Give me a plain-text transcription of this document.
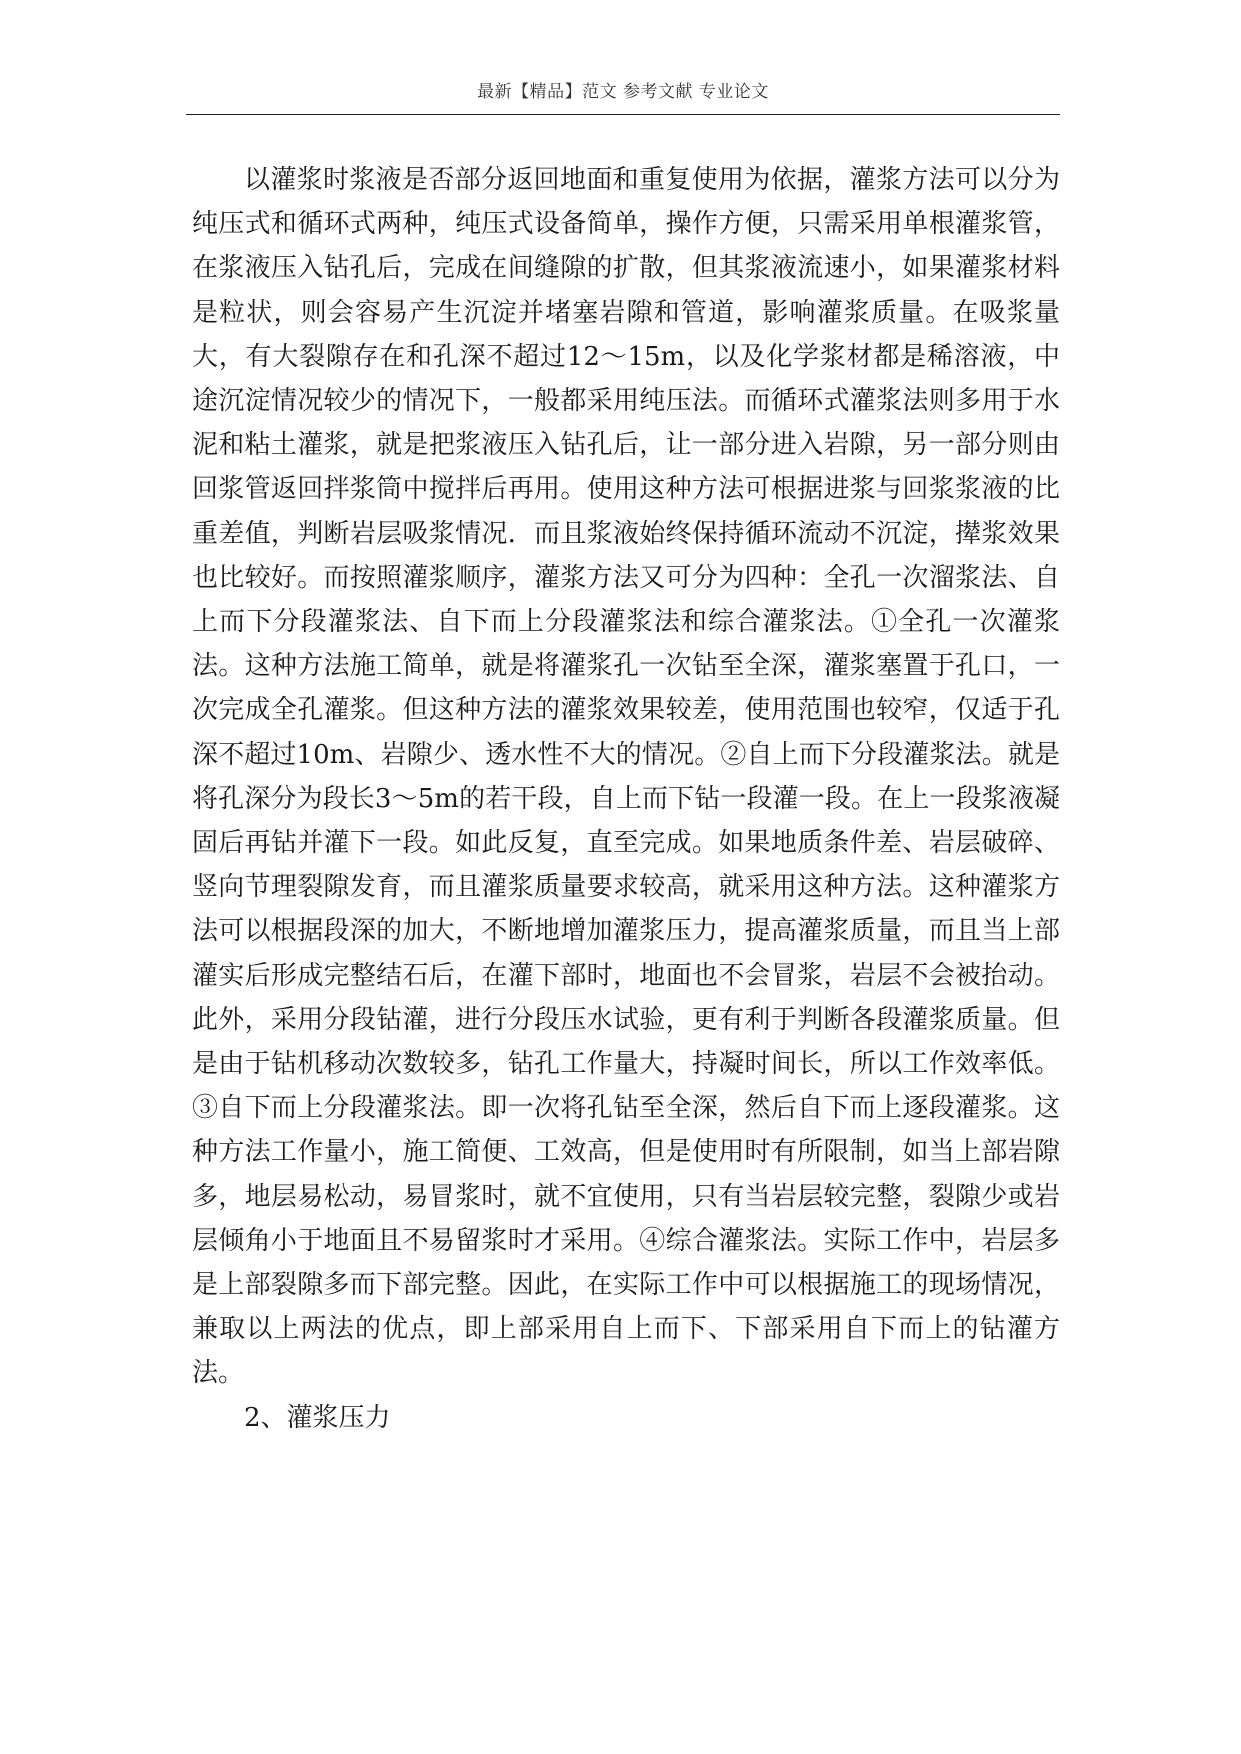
最新【精品】范文 参考文献 专业论文

以灌浆时浆液是否部分返回地面和重复使用为依据，灌浆方法可以分为纯压式和循环式两种，纯压式设备简单，操作方便，只需采用单根灌浆管，在浆液压入钻孔后，完成在间缝隙的扩散，但其浆液流速小，如果灌浆材料是粒状，则会容易产生沉淀并堵塞岩隙和管道，影响灌浆质量。在吸浆量大，有大裂隙存在和孔深不超过12～15m，以及化学浆材都是稀溶液，中途沉淀情况较少的情况下，一般都采用纯压法。而循环式灌浆法则多用于水泥和粘土灌浆，就是把浆液压入钻孔后，让一部分进入岩隙，另一部分则由回浆管返回拌浆筒中搅拌后再用。使用这种方法可根据进浆与回浆浆液的比重差值，判断岩层吸浆情况．而且浆液始终保持循环流动不沉淀，撵浆效果也比较好。而按照灌浆顺序，灌浆方法又可分为四种：全孔一次溜浆法、自上而下分段灌浆法、自下而上分段灌浆法和综合灌浆法。①全孔一次灌浆法。这种方法施工简单，就是将灌浆孔一次钻至全深，灌浆塞置于孔口，一次完成全孔灌浆。但这种方法的灌浆效果较差，使用范围也较窄，仅适于孔深不超过10m、岩隙少、透水性不大的情况。②自上而下分段灌浆法。就是将孔深分为段长3～5m的若干段，自上而下钻一段灌一段。在上一段浆液凝固后再钻并灌下一段。如此反复，直至完成。如果地质条件差、岩层破碎、竖向节理裂隙发育，而且灌浆质量要求较高，就采用这种方法。这种灌浆方法可以根据段深的加大，不断地增加灌浆压力，提高灌浆质量，而且当上部灌实后形成完整结石后，在灌下部时，地面也不会冒浆，岩层不会被抬动。此外，采用分段钻灌，进行分段压水试验，更有利于判断各段灌浆质量。但是由于钻机移动次数较多，钻孔工作量大，持凝时间长，所以工作效率低。③自下而上分段灌浆法。即一次将孔钻至全深，然后自下而上逐段灌浆。这种方法工作量小，施工简便、工效高，但是使用时有所限制，如当上部岩隙多，地层易松动，易冒浆时，就不宜使用，只有当岩层较完整，裂隙少或岩层倾角小于地面且不易留浆时才采用。④综合灌浆法。实际工作中，岩层多是上部裂隙多而下部完整。因此，在实际工作中可以根据施工的现场情况，兼取以上两法的优点，即上部采用自上而下、下部采用自下而上的钻灌方法。

2、灌浆压力
